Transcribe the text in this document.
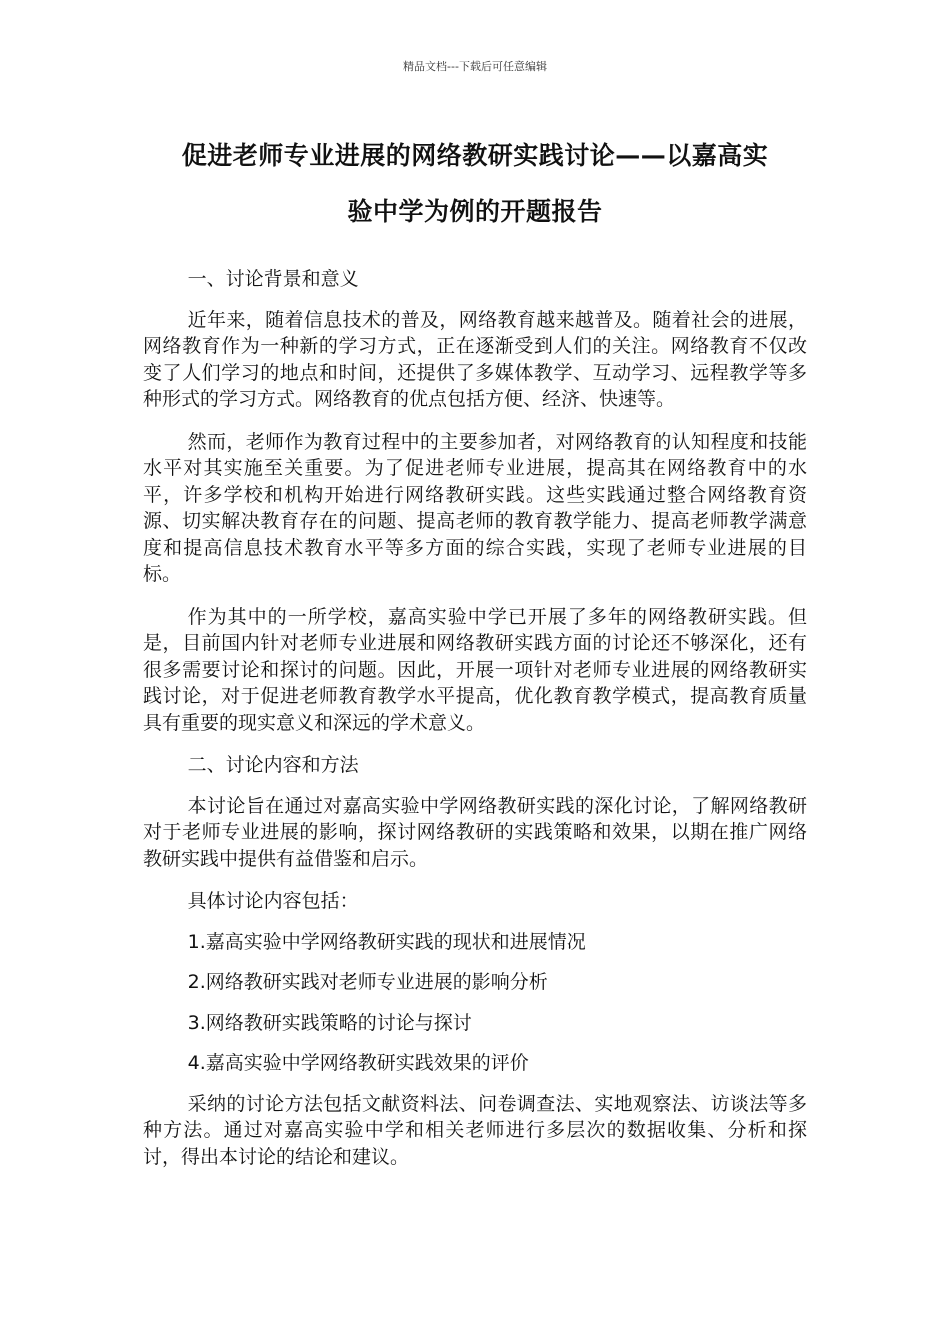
精品文档---下载后可任意编辑
促进老师专业进展的网络教研实践讨论——以嘉高实
验中学为例的开题报告

一、讨论背景和意义

近年来，随着信息技术的普及，网络教育越来越普及。随着社会的进展，网络教育作为一种新的学习方式，正在逐渐受到人们的关注。网络教育不仅改变了人们学习的地点和时间，还提供了多媒体教学、互动学习、远程教学等多种形式的学习方式。网络教育的优点包括方便、经济、快速等。

然而，老师作为教育过程中的主要参加者，对网络教育的认知程度和技能水平对其实施至关重要。为了促进老师专业进展，提高其在网络教育中的水平，许多学校和机构开始进行网络教研实践。这些实践通过整合网络教育资源、切实解决教育存在的问题、提高老师的教育教学能力、提高老师教学满意度和提高信息技术教育水平等多方面的综合实践，实现了老师专业进展的目标。

作为其中的一所学校，嘉高实验中学已开展了多年的网络教研实践。但是，目前国内针对老师专业进展和网络教研实践方面的讨论还不够深化，还有很多需要讨论和探讨的问题。因此，开展一项针对老师专业进展的网络教研实践讨论，对于促进老师教育教学水平提高，优化教育教学模式，提高教育质量具有重要的现实意义和深远的学术意义。

二、讨论内容和方法

本讨论旨在通过对嘉高实验中学网络教研实践的深化讨论，了解网络教研对于老师专业进展的影响，探讨网络教研的实践策略和效果，以期在推广网络教研实践中提供有益借鉴和启示。

具体讨论内容包括：

1.嘉高实验中学网络教研实践的现状和进展情况

2.网络教研实践对老师专业进展的影响分析

3.网络教研实践策略的讨论与探讨

4.嘉高实验中学网络教研实践效果的评价

采纳的讨论方法包括文献资料法、问卷调查法、实地观察法、访谈法等多种方法。通过对嘉高实验中学和相关老师进行多层次的数据收集、分析和探讨，得出本讨论的结论和建议。
